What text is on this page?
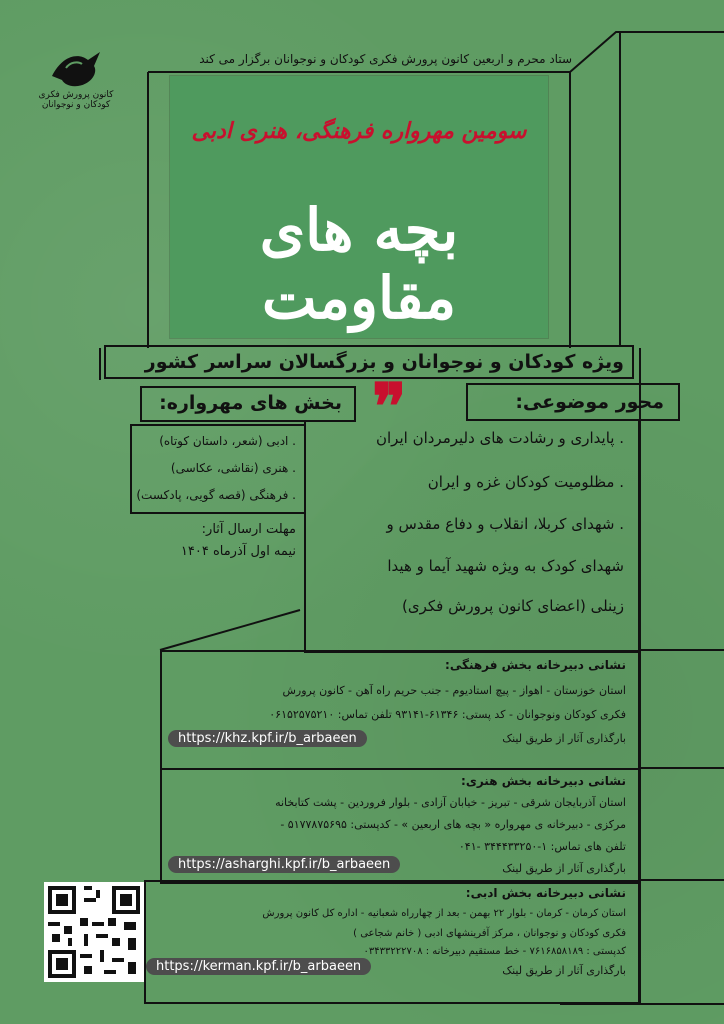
کانون پرورش فکری
کودکان و نوجوانان
ستاد محرم و اربعین کانون پرورش فکری کودکان و نوجوانان برگزار می کند
سومین مهرواره فرهنگی، هنری ادبی
بچه های مقاومت
ویژه کودکان و نوجوانان و بزرگسالان سراسر کشور
❞	محور موضوعی:
بخش های مهرواره:
. پایداری و رشادت های دلیرمردان ایران
. مظلومیت کودکان غزه و ایران
. شهدای کربلا، انقلاب و دفاع مقدس و
شهدای کودک به ویژه شهید آیما و هیدا
زینلی (اعضای کانون پرورش فکری)
. ادبی (شعر، داستان کوتاه)
. هنری (نقاشی، عکاسی)
. فرهنگی (قصه گویی، پادکست)
مهلت ارسال آثار:
نیمه اول آذرماه ۱۴۰۴
نشانی دبیرخانه بخش فرهنگی:
استان خوزستان - اهواز - پیچ استادیوم - جنب حریم راه آهن - کانون پرورش
فکری کودکان ونوجوانان - کد پستی: ۶۱۳۴۶-۹۳۱۴۱ تلفن تماس: ۰۶۱۵۲۵۷۵۲۱۰
بارگذاری آثار از طریق لینک
https://khz.kpf.ir/b_arbaeen
نشانی دبیرخانه بخش هنری:
استان آذربایجان شرقی - تبریز - خیابان آزادی - بلوار فروردین - پشت کتابخانه
مرکزی - دبیرخانه ی مهرواره « بچه های اربعین » - کدپستی: ۵۱۷۷۸۷۵۶۹۵ -
تلفن های تماس: ۱-۳۴۴۴۳۳۲۵۰ -۰۴۱
بارگذاری آثار از طریق لینک
https://asharghi.kpf.ir/b_arbaeen
نشانی دبیرخانه بخش ادبی:
استان کرمان - کرمان - بلوار ۲۲ بهمن - بعد از چهارراه شعبانیه - اداره کل کانون پرورش
فکری کودکان و نوجوانان ، مرکز آفرینشهای ادبی ( خانم شجاعی )
کدپستی : ۷۶۱۶۸۵۸۱۸۹ - خط مستقیم دبیرخانه : ۰۳۴۳۳۲۲۲۷۰۸
بارگذاری آثار از طریق لینک
https://kerman.kpf.ir/b_arbaeen
